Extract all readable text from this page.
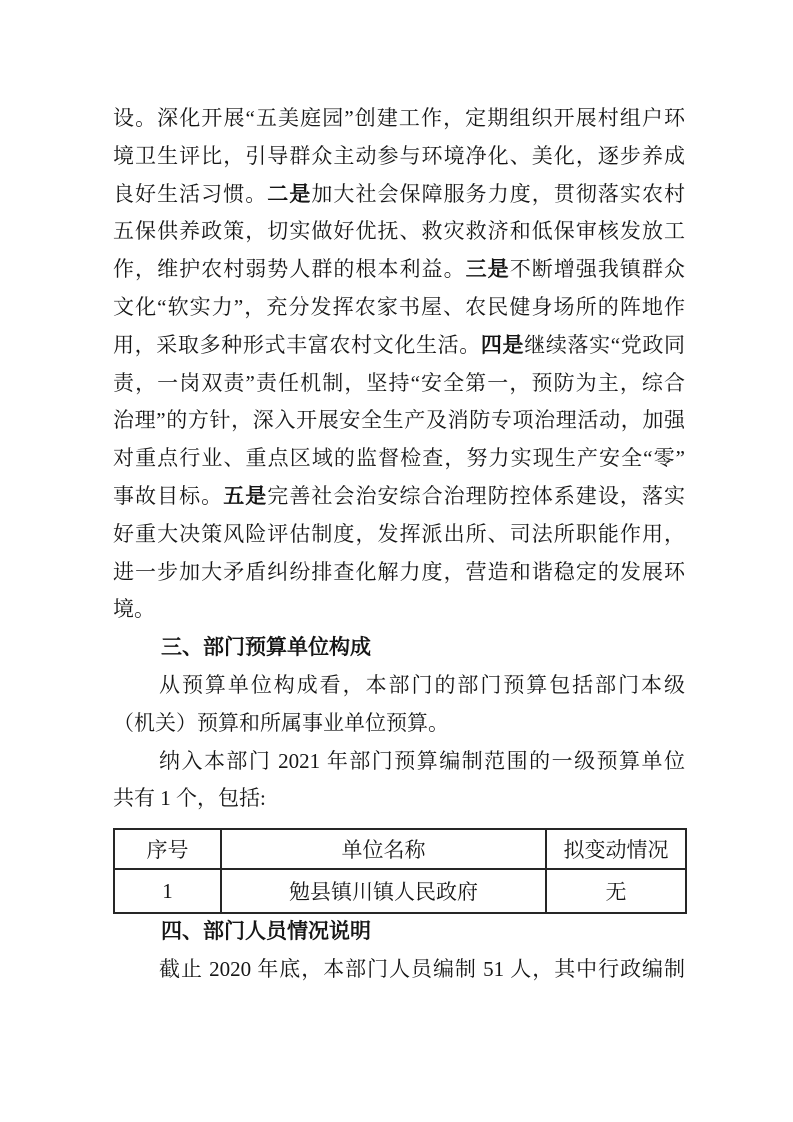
设。深化开展“五美庭园”创建工作，定期组织开展村组户环
境卫生评比，引导群众主动参与环境净化、美化，逐步养成
良好生活习惯。二是加大社会保障服务力度，贯彻落实农村
五保供养政策，切实做好优抚、救灾救济和低保审核发放工
作，维护农村弱势人群的根本利益。三是不断增强我镇群众
文化“软实力”，充分发挥农家书屋、农民健身场所的阵地作
用，采取多种形式丰富农村文化生活。四是继续落实“党政同
责，一岗双责”责任机制，坚持“安全第一，预防为主，综合
治理”的方针，深入开展安全生产及消防专项治理活动，加强
对重点行业、重点区域的监督检查，努力实现生产安全“零”
事故目标。五是完善社会治安综合治理防控体系建设，落实
好重大决策风险评估制度，发挥派出所、司法所职能作用，
进一步加大矛盾纠纷排查化解力度，营造和谐稳定的发展环
境。
三、部门预算单位构成
从预算单位构成看，本部门的部门预算包括部门本级
（机关）预算和所属事业单位预算。
纳入本部门 2021 年部门预算编制范围的一级预算单位
共有 1 个，包括:
序号	单位名称	拟变动情况
1	勉县镇川镇人民政府	无
四、部门人员情况说明
截止 2020 年底，本部门人员编制 51 人，其中行政编制
